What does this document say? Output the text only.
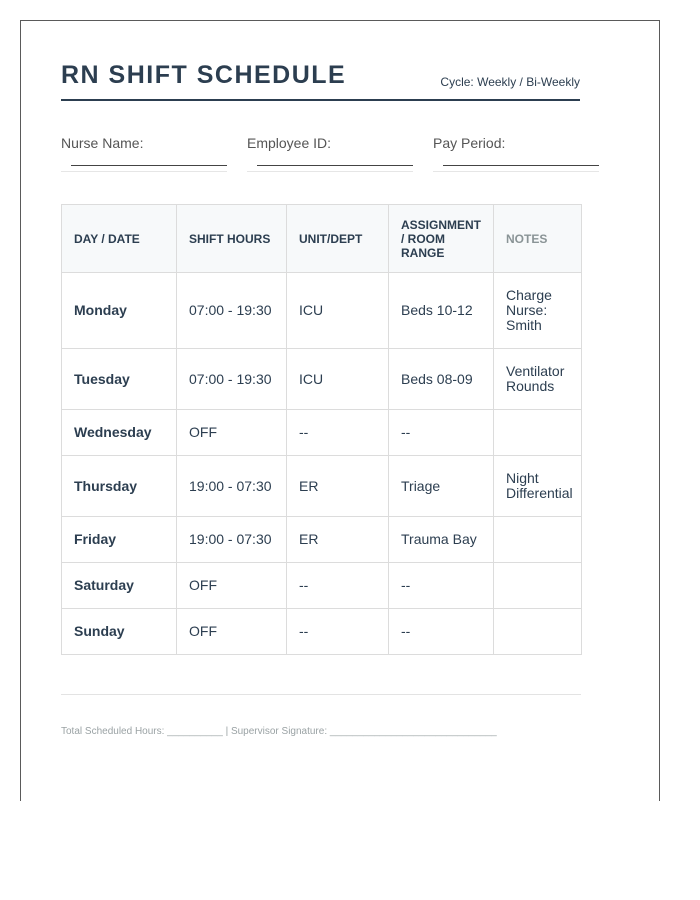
RN SHIFT SCHEDULE	Cycle: Weekly / Bi-Weekly
Nurse Name:	Employee ID:	Pay Period:
DAY / DATE	SHIFT HOURS	UNIT/DEPT	ASSIGNMENT / ROOM RANGE	NOTES
Monday	07:00 - 19:30	ICU	Beds 10-12	Charge Nurse: Smith
Tuesday	07:00 - 19:30	ICU	Beds 08-09	Ventilator Rounds
Wednesday	OFF	--	--	
Thursday	19:00 - 07:30	ER	Triage	Night Differential
Friday	19:00 - 07:30	ER	Trauma Bay	
Saturday	OFF	--	--	
Sunday	OFF	--	--	
Total Scheduled Hours: __________ | Supervisor Signature: ______________________________
